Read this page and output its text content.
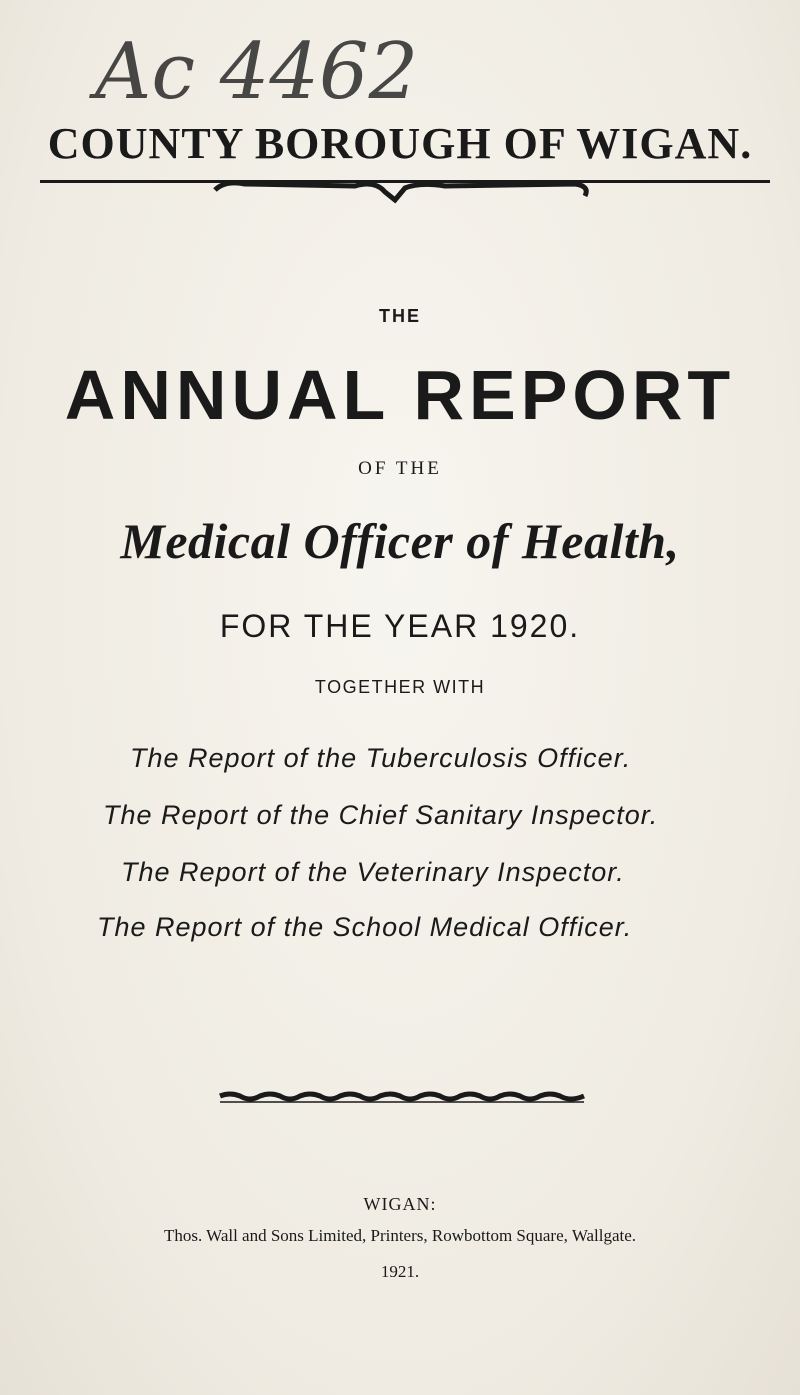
Ac 4462
COUNTY BOROUGH OF WIGAN.
THE
ANNUAL REPORT
OF THE
Medical Officer of Health,
FOR THE YEAR 1920.
TOGETHER WITH
The Report of the Tuberculosis Officer.
The Report of the Chief Sanitary Inspector.
The Report of the Veterinary Inspector.
The Report of the School Medical Officer.
WIGAN:
Thos. Wall and Sons Limited, Printers, Rowbottom Square, Wallgate.
1921.
